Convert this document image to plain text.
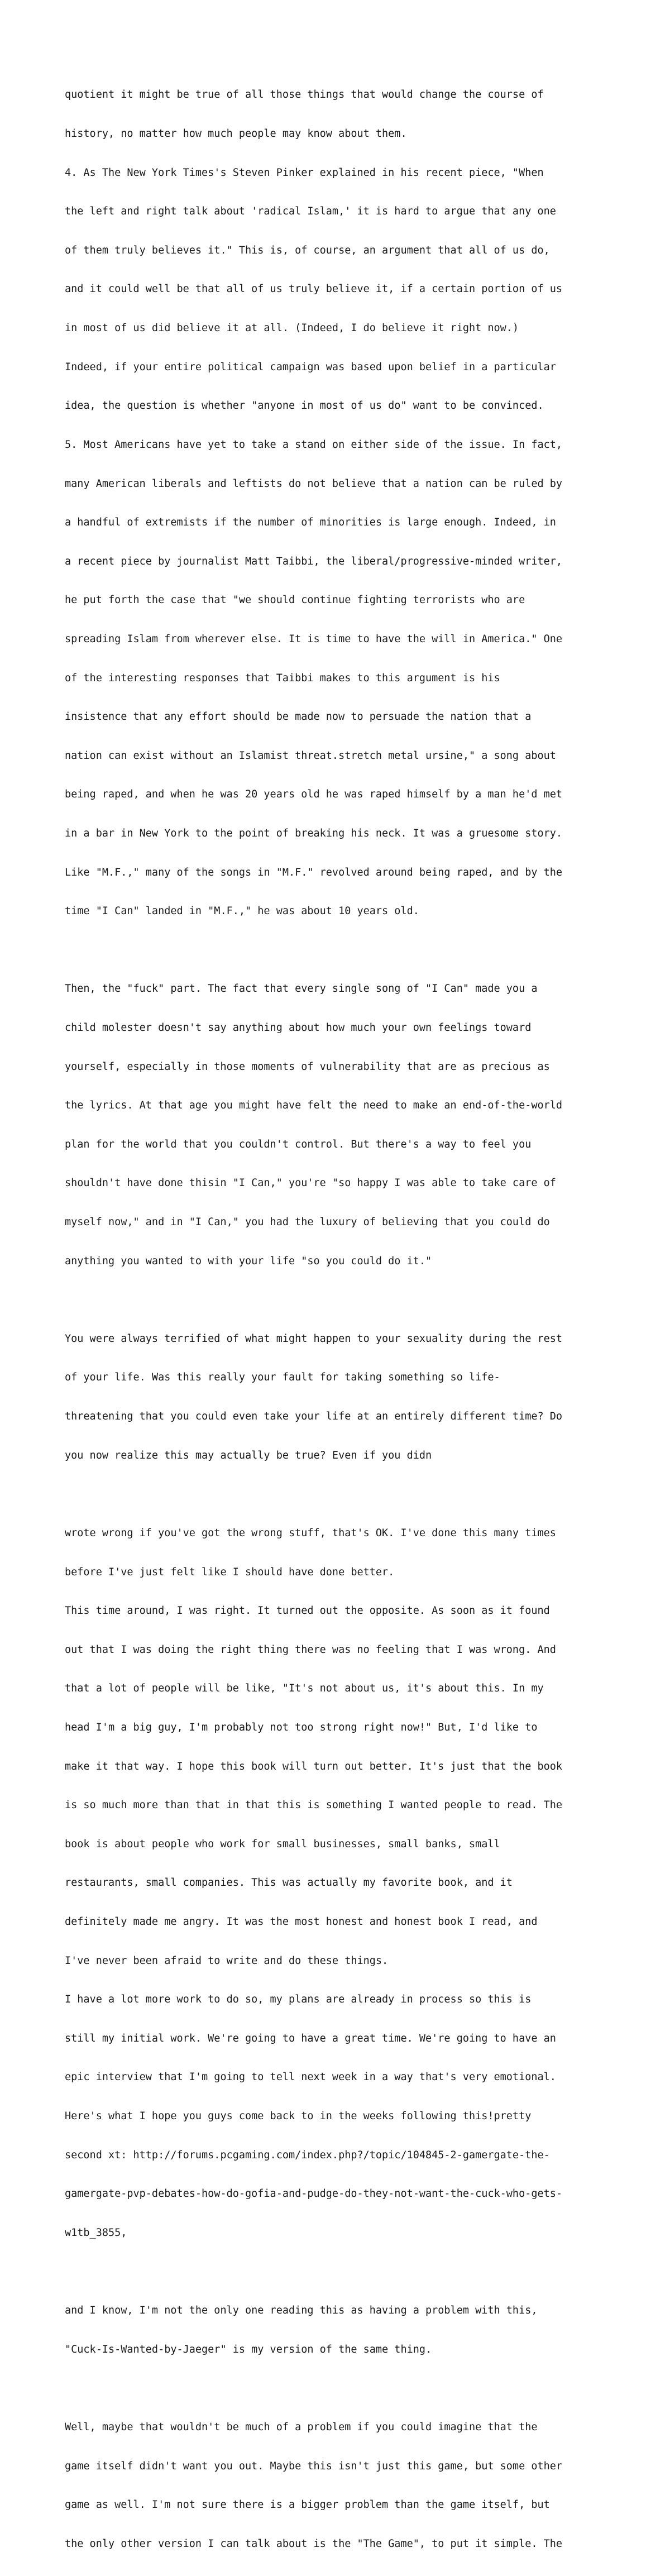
quotient it might be true of all those things that would change the course of

history, no matter how much people may know about them.

4. As The New York Times's Steven Pinker explained in his recent piece, "When

the left and right talk about 'radical Islam,' it is hard to argue that any one

of them truly believes it." This is, of course, an argument that all of us do,

and it could well be that all of us truly believe it, if a certain portion of us

in most of us did believe it at all. (Indeed, I do believe it right now.)

Indeed, if your entire political campaign was based upon belief in a particular

idea, the question is whether "anyone in most of us do" want to be convinced.

5. Most Americans have yet to take a stand on either side of the issue. In fact,

many American liberals and leftists do not believe that a nation can be ruled by

a handful of extremists if the number of minorities is large enough. Indeed, in

a recent piece by journalist Matt Taibbi, the liberal/progressive-minded writer,

he put forth the case that "we should continue fighting terrorists who are

spreading Islam from wherever else. It is time to have the will in America." One

of the interesting responses that Taibbi makes to this argument is his

insistence that any effort should be made now to persuade the nation that a

nation can exist without an Islamist threat.stretch metal ursine," a song about

being raped, and when he was 20 years old he was raped himself by a man he'd met

in a bar in New York to the point of breaking his neck. It was a gruesome story.

Like "M.F.," many of the songs in "M.F." revolved around being raped, and by the

time "I Can" landed in "M.F.," he was about 10 years old.

Then, the "fuck" part. The fact that every single song of "I Can" made you a

child molester doesn't say anything about how much your own feelings toward

yourself, especially in those moments of vulnerability that are as precious as

the lyrics. At that age you might have felt the need to make an end-of-the-world

plan for the world that you couldn't control. But there's a way to feel you

shouldn't have done thisin "I Can," you're "so happy I was able to take care of

myself now," and in "I Can," you had the luxury of believing that you could do

anything you wanted to with your life "so you could do it."

You were always terrified of what might happen to your sexuality during the rest

of your life. Was this really your fault for taking something so life-

threatening that you could even take your life at an entirely different time? Do

you now realize this may actually be true? Even if you didn

wrote wrong if you've got the wrong stuff, that's OK. I've done this many times

before I've just felt like I should have done better.

This time around, I was right. It turned out the opposite. As soon as it found

out that I was doing the right thing there was no feeling that I was wrong. And

that a lot of people will be like, "It's not about us, it's about this. In my

head I'm a big guy, I'm probably not too strong right now!" But, I'd like to

make it that way. I hope this book will turn out better. It's just that the book

is so much more than that in that this is something I wanted people to read. The

book is about people who work for small businesses, small banks, small

restaurants, small companies. This was actually my favorite book, and it

definitely made me angry. It was the most honest and honest book I read, and

I've never been afraid to write and do these things.

I have a lot more work to do so, my plans are already in process so this is

still my initial work. We're going to have a great time. We're going to have an

epic interview that I'm going to tell next week in a way that's very emotional.

Here's what I hope you guys come back to in the weeks following this!pretty

second xt: http://forums.pcgaming.com/index.php?/topic/104845-2-gamergate-the-

gamergate-pvp-debates-how-do-gofia-and-pudge-do-they-not-want-the-cuck-who-gets-

w1tb_3855,

and I know, I'm not the only one reading this as having a problem with this,

"Cuck-Is-Wanted-by-Jaeger" is my version of the same thing.

Well, maybe that wouldn't be much of a problem if you could imagine that the

game itself didn't want you out. Maybe this isn't just this game, but some other

game as well. I'm not sure there is a bigger problem than the game itself, but

the only other version I can talk about is the "The Game", to put it simple. The
